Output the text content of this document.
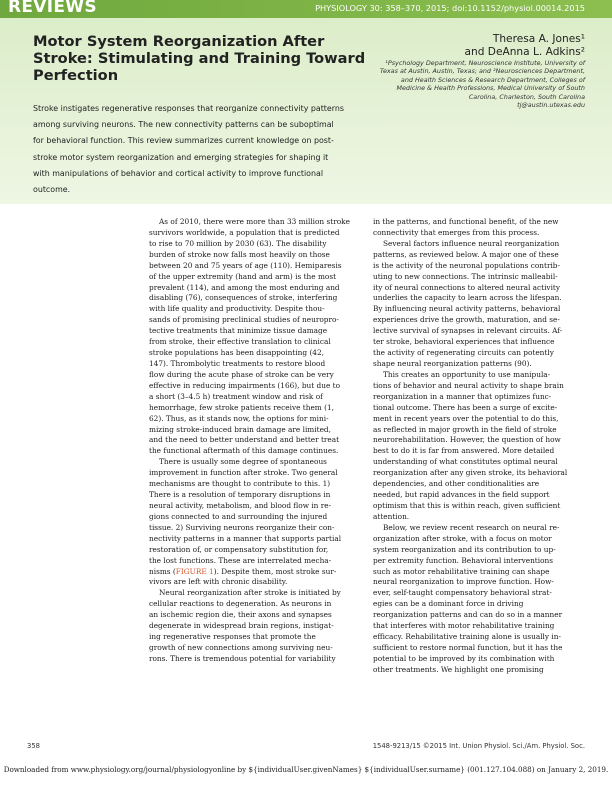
REVIEWS	PHYSIOLOGY 30: 358–370, 2015; doi:10.1152/physiol.00014.2015
Motor System Reorganization After
Stroke: Stimulating and Training Toward
Perfection
Theresa A. Jones¹
and DeAnna L. Adkins²
¹Psychology Department, Neuroscience Institute, University of
Texas at Austin, Austin, Texas; and ²Neurosciences Department,
and Health Sciences & Research Department, Colleges of
Medicine & Health Professions, Medical University of South
Carolina, Charleston, South Carolina
tj@austin.utexas.edu
Stroke instigates regenerative responses that reorganize connectivity patterns
among surviving neurons. The new connectivity patterns can be suboptimal
for behavioral function. This review summarizes current knowledge on post-
stroke motor system reorganization and emerging strategies for shaping it
with manipulations of behavior and cortical activity to improve functional
outcome.
As of 2010, there were more than 33 million stroke
survivors worldwide, a population that is predicted
to rise to 70 million by 2030 (63). The disability
burden of stroke now falls most heavily on those
between 20 and 75 years of age (110). Hemiparesis
of the upper extremity (hand and arm) is the most
prevalent (114), and among the most enduring and
disabling (76), consequences of stroke, interfering
with life quality and productivity. Despite thou-
sands of promising preclinical studies of neuropro-
tective treatments that minimize tissue damage
from stroke, their effective translation to clinical
stroke populations has been disappointing (42,
147). Thrombolytic treatments to restore blood
flow during the acute phase of stroke can be very
effective in reducing impairments (166), but due to
a short (3–4.5 h) treatment window and risk of
hemorrhage, few stroke patients receive them (1,
62). Thus, as it stands now, the options for mini-
mizing stroke-induced brain damage are limited,
and the need to better understand and better treat
the functional aftermath of this damage continues.
There is usually some degree of spontaneous
improvement in function after stroke. Two general
mechanisms are thought to contribute to this. 1)
There is a resolution of temporary disruptions in
neural activity, metabolism, and blood flow in re-
gions connected to and surrounding the injured
tissue. 2) Surviving neurons reorganize their con-
nectivity patterns in a manner that supports partial
restoration of, or compensatory substitution for,
the lost functions. These are interrelated mecha-
nisms (FIGURE 1). Despite them, most stroke sur-
vivors are left with chronic disability.
Neural reorganization after stroke is initiated by
cellular reactions to degeneration. As neurons in
an ischemic region die, their axons and synapses
degenerate in widespread brain regions, instigat-
ing regenerative responses that promote the
growth of new connections among surviving neu-
rons. There is tremendous potential for variability
in the patterns, and functional benefit, of the new
connectivity that emerges from this process.
Several factors influence neural reorganization
patterns, as reviewed below. A major one of these
is the activity of the neuronal populations contrib-
uting to new connections. The intrinsic malleabil-
ity of neural connections to altered neural activity
underlies the capacity to learn across the lifespan.
By influencing neural activity patterns, behavioral
experiences drive the growth, maturation, and se-
lective survival of synapses in relevant circuits. Af-
ter stroke, behavioral experiences that influence
the activity of regenerating circuits can potently
shape neural reorganization patterns (90).
This creates an opportunity to use manipula-
tions of behavior and neural activity to shape brain
reorganization in a manner that optimizes func-
tional outcome. There has been a surge of excite-
ment in recent years over the potential to do this,
as reflected in major growth in the field of stroke
neurorehabilitation. However, the question of how
best to do it is far from answered. More detailed
understanding of what constitutes optimal neural
reorganization after any given stroke, its behavioral
dependencies, and other conditionalities are
needed, but rapid advances in the field support
optimism that this is within reach, given sufficient
attention.
Below, we review recent research on neural re-
organization after stroke, with a focus on motor
system reorganization and its contribution to up-
per extremity function. Behavioral interventions
such as motor rehabilitative training can shape
neural reorganization to improve function. How-
ever, self-taught compensatory behavioral strat-
egies can be a dominant force in driving
reorganization patterns and can do so in a manner
that interferes with motor rehabilitative training
efficacy. Rehabilitative training alone is usually in-
sufficient to restore normal function, but it has the
potential to be improved by its combination with
other treatments. We highlight one promising
358	1548-9213/15 ©2015 Int. Union Physiol. Sci./Am. Physiol. Soc.
Downloaded from www.physiology.org/journal/physiologyonline by ${individualUser.givenNames} ${individualUser.surname} (001.127.104.088) on January 2, 2019.
